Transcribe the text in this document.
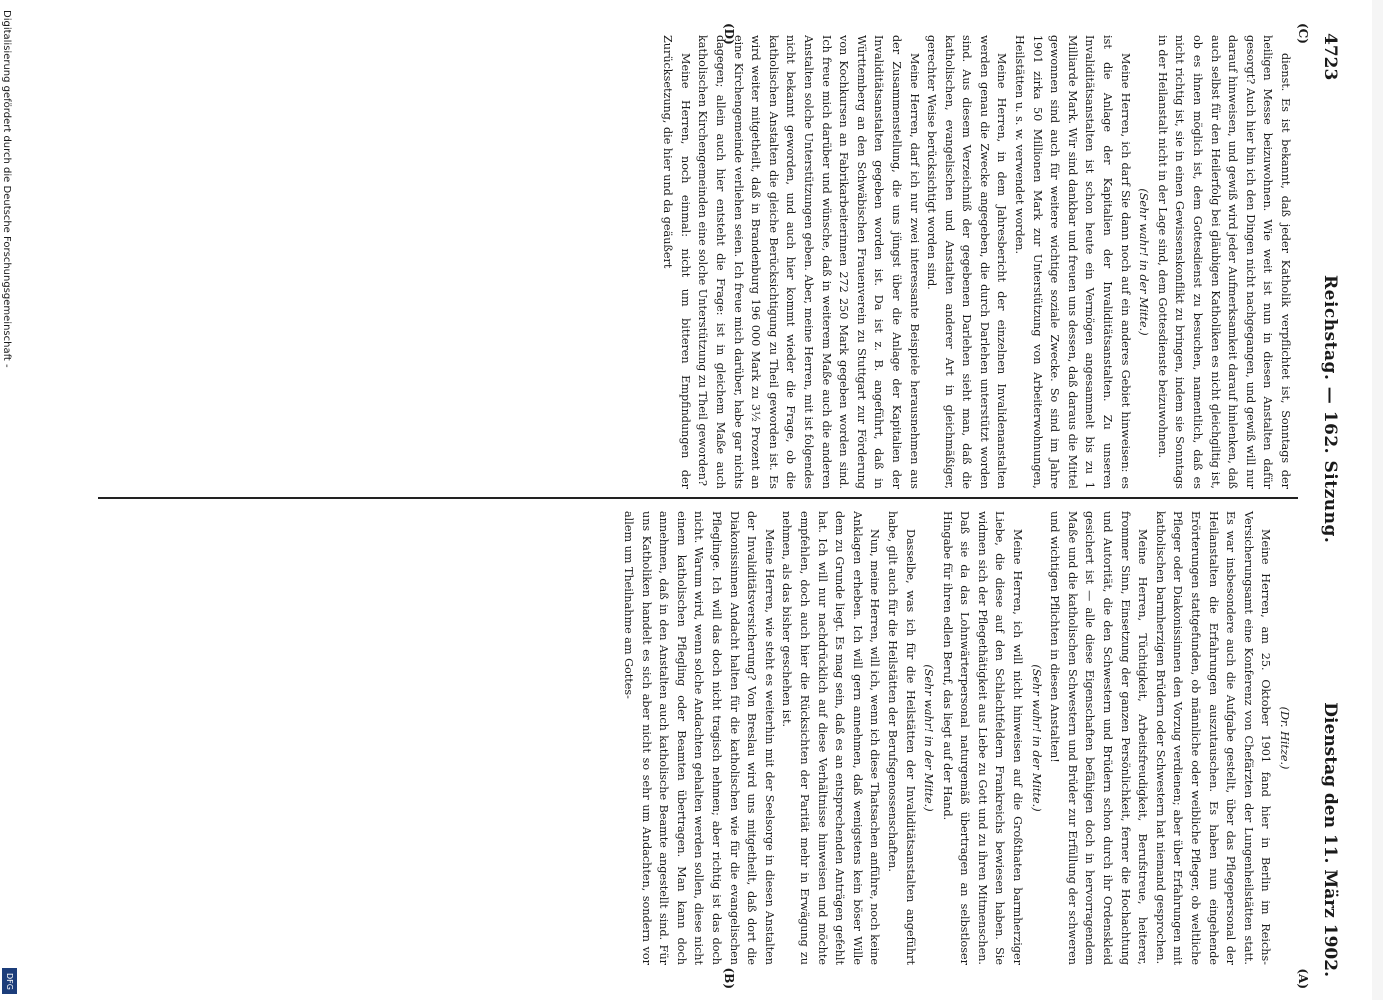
4723
Reichstag. — 162. Sitzung.
Dienstag den 11. März 1902.
(C)
(D)
(A)
(B)

dienst. Es ist bekannt, daß jeder Katholik verpflichtet ist, Sonntags der heiligen Messe beizuwohnen. Wie weit ist nun in diesen Anstalten dafür gesorgt? Auch hier bin ich den Dingen nicht nachgegangen, und gewiß will nur darauf hinweisen, und gewiß wird jeder Aufmerksamkeit darauf hinlenken, daß auch selbst für den Heilerfolg bei gläubigen Katholiken es nicht gleichgiltig ist, ob es ihnen möglich ist, dem Gottesdienst zu besuchen, namentlich, daß es nicht richtig ist, sie in einen Gewissenskonflikt zu bringen, indem sie Sonntags in der Heilanstalt nicht in der Lage sind, dem Gottesdienste beizuwohnen.

(Sehr wahr! in der Mitte.)

Meine Herren, ich darf Sie dann noch auf ein anderes Gebiet hinweisen: es ist die Anlage der Kapitalien der Invaliditätsanstalten. Zu unseren Invaliditätsanstalten ist schon heute ein Vermögen angesammelt bis zu 1 Milliarde Mark. Wir sind dankbar und freuen uns dessen, daß daraus die Mittel gewonnen sind auch für weitere wichtige soziale Zwecke. So sind im Jahre 1901 zirka 50 Millionen Mark zur Unterstützung von Arbeiterwohnungen, Heilstätten u. s. w. verwendet worden.

Meine Herren, in dem Jahresbericht der einzelnen Invalidenanstalten werden genau die Zwecke angegeben, die durch Darlehen unterstützt worden sind. Aus diesem Verzeichniß der gegebenen Darlehen sieht man, daß die katholischen, evangelischen und Anstalten anderer Art in gleichmäßiger, gerechter Weise berücksichtigt worden sind.

Meine Herren, darf ich nur zwei interessante Beispiele herausnehmen aus der Zusammenstellung, die uns jüngst über die Anlage der Kapitalien der Invaliditätsanstalten gegeben worden ist. Da ist z. B. angeführt, daß in Württemberg an den Schwäbischen Frauenverein zu Stuttgart zur Förderung von Kochkursen an Fabrikarbeiterinnen 272 250 Mark gegeben worden sind. Ich freue mich darüber und wünsche, daß in weiterem Maße auch die anderen Anstalten solche Unterstützungen geben. Aber, meine Herren, mit ist folgendes nicht bekannt geworden, und auch hier kommt wieder die Frage, ob die katholischen Anstalten die gleiche Berücksichtigung zu Theil geworden ist. Es wird weiter mitgetheilt, daß in Brandenburg 196 000 Mark zu 3½ Prozent an eine Kirchengemeinde verliehen seien. Ich freue mich darüber, habe gar nichts dagegen; allein auch hier entsteht die Frage: ist in gleichem Maße auch katholischen Kirchengemeinden eine solche Unterstützung zu Theil geworden?

Meine Herren, noch einmal: nicht um bitteren Empfindungen der Zurücksetzung, die hier und da geäußert

(Dr. Hitze.)

Meine Herren, am 25. Oktober 1901 fand hier in Berlin im Reichs-Versicherungsamt eine Konferenz von Chefärzten der Lungenheilstätten statt. Es war insbesondere auch die Aufgabe gestellt, über das Pflegepersonal der Heilanstalten die Erfahrungen auszutauschen. Es haben nun eingehende Erörterungen stattgefunden, ob männliche oder weibliche Pfleger, ob weltliche Pfleger oder Diakonissinnen den Vorzug verdienen; aber über Erfahrungen mit katholischen barmherzigen Brüdern oder Schwestern hat niemand gesprochen.

Meine Herren, Tüchtigkeit, Arbeitsfreudigkeit, Berufstreue, heiterer, frommer Sinn, Einsetzung der ganzen Persönlichkeit, ferner die Hochachtung und Autorität, die den Schwestern und Brüdern schon durch ihr Ordenskleid gesichert ist — alle diese Eigenschaften befähigen doch in hervorragendem Maße und die katholischen Schwestern und Brüder zur Erfüllung der schweren und wichtigen Pflichten in diesen Anstalten!

(Sehr wahr! in der Mitte.)

Meine Herren, ich will nicht hinweisen auf die Großthaten barmherziger Liebe, die diese auf den Schlachtfeldern Frankreichs bewiesen haben. Sie widmen sich der Pflegethätigkeit aus Liebe zu Gott und zu ihren Mitmenschen. Daß sie da das Lohnwärterpersonal naturgemäß übertragen an selbstloser Hingabe für ihren edlen Beruf, das liegt auf der Hand.

(Sehr wahr! in der Mitte.)

Dasselbe, was ich für die Heilstätten der Invaliditätsanstalten angeführt habe, gilt auch für die Heilstätten der Berufsgenossenschaften.

Nun, meine Herren, will ich, wenn ich diese Thatsachen anführe, noch keine Anklagen erheben. Ich will gern annehmen, daß wenigstens kein böser Wille dem zu Grunde liegt. Es mag sein, daß es an entsprechenden Anträgen gefehlt hat. Ich will nur nachdrücklich auf diese Verhältnisse hinweisen und möchte empfehlen, doch auch hier die Rücksichten der Parität mehr in Erwägung zu nehmen, als das bisher geschehen ist.

Meine Herren, wie steht es weiterhin mit der Seelsorge in diesen Anstalten der Invaliditätsversicherung? Von Breslau wird uns mitgetheilt, daß dort die Diakonissinnen Andacht halten für die katholischen wie für die evangelischen Pfleglinge. Ich will das doch nicht tragisch nehmen; aber richtig ist das doch nicht. Warum wird, wenn solche Andachten gehalten werden sollen, diese nicht einem katholischen Pflegling oder Beamten übertragen. Man kann doch annehmen, daß in den Anstalten auch katholische Beamte angestellt sind. Für uns Katholiken handelt es sich aber nicht so sehr um Andachten, sondern vor allem um Theilnahme am Gottes-

Digitalisierung gefördert durch die Deutsche Forschungsgemeinschaft -
DFG
